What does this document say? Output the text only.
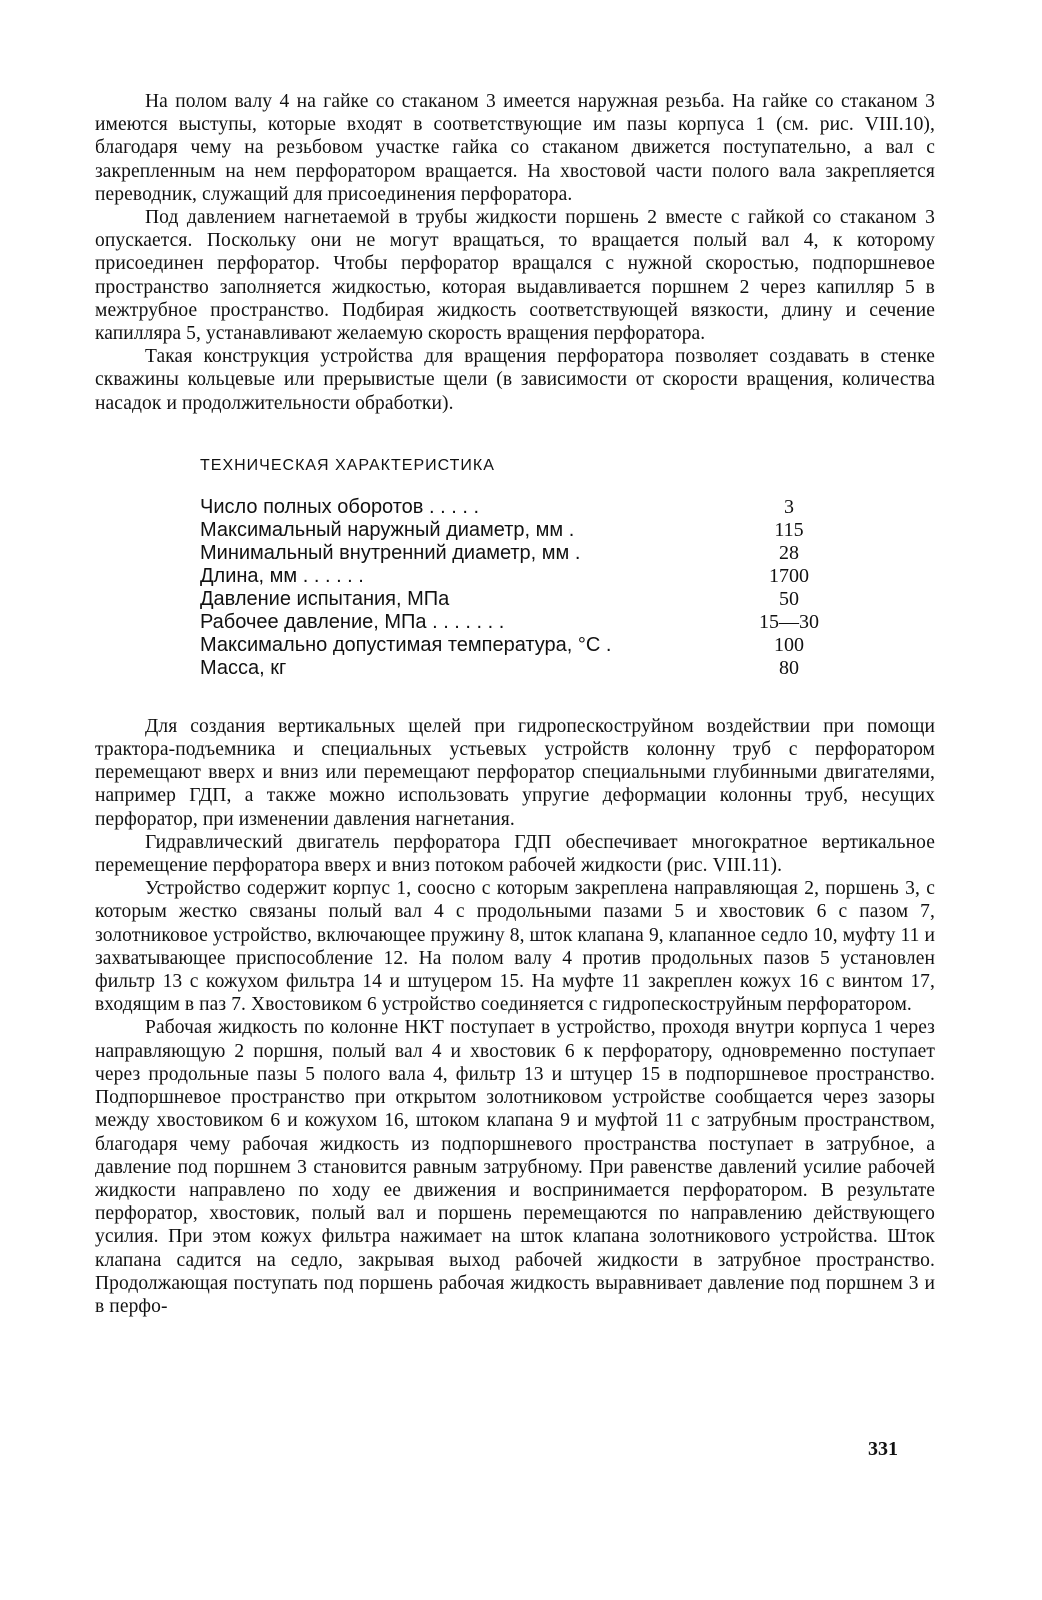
На полом валу 4 на гайке со стаканом 3 имеется наружная резьба. На гайке со стаканом 3 имеются выступы, которые входят в соответствующие им пазы корпуса 1 (см. рис. VIII.10), благодаря чему на резьбовом участке гайка со стаканом движется поступательно, а вал с закрепленным на нем перфоратором вращается. На хвостовой части полого вала закрепляется переводник, служащий для присоединения перфоратора.

Под давлением нагнетаемой в трубы жидкости поршень 2 вместе с гайкой со стаканом 3 опускается. Поскольку они не могут вращаться, то вращается полый вал 4, к которому присоединен перфоратор. Чтобы перфоратор вращался с нужной скоростью, подпоршневое пространство заполняется жидкостью, которая выдавливается поршнем 2 через капилляр 5 в межтрубное пространство. Подбирая жидкость соответствующей вязкости, длину и сечение капилляра 5, устанавливают желаемую скорость вращения перфоратора.

Такая конструкция устройства для вращения перфоратора позволяет создавать в стенке скважины кольцевые или прерывистые щели (в зависимости от скорости вращения, количества насадок и продолжительности обработки).

ТЕХНИЧЕСКАЯ ХАРАКТЕРИСТИКА
Число полных оборотов . . . . .	3
Максимальный наружный диаметр, мм .	115
Минимальный внутренний диаметр, мм .	28
Длина, мм . . . . . .	1700
Давление испытания, МПа	50
Рабочее давление, МПа . . . . . . .	15—30
Максимально допустимая температура, °С .	100
Масса, кг	80

Для создания вертикальных щелей при гидропескоструйном воздействии при помощи трактора-подъемника и специальных устьевых устройств колонну труб с перфоратором перемещают вверх и вниз или перемещают перфоратор специальными глубинными двигателями, например ГДП, а также можно использовать упругие деформации колонны труб, несущих перфоратор, при изменении давления нагнетания.

Гидравлический двигатель перфоратора ГДП обеспечивает многократное вертикальное перемещение перфоратора вверх и вниз потоком рабочей жидкости (рис. VIII.11).

Устройство содержит корпус 1, соосно с которым закреплена направляющая 2, поршень 3, с которым жестко связаны полый вал 4 с продольными пазами 5 и хвостовик 6 с пазом 7, золотниковое устройство, включающее пружину 8, шток клапана 9, клапанное седло 10, муфту 11 и захватывающее приспособление 12. На полом валу 4 против продольных пазов 5 установлен фильтр 13 с кожухом фильтра 14 и штуцером 15. На муфте 11 закреплен кожух 16 с винтом 17, входящим в паз 7. Хвостовиком 6 устройство соединяется с гидропескоструйным перфоратором.

Рабочая жидкость по колонне НКТ поступает в устройство, проходя внутри корпуса 1 через направляющую 2 поршня, полый вал 4 и хвостовик 6 к перфоратору, одновременно поступает через продольные пазы 5 полого вала 4, фильтр 13 и штуцер 15 в подпоршневое пространство. Подпоршневое пространство при открытом золотниковом устройстве сообщается через зазоры между хвостовиком 6 и кожухом 16, штоком клапана 9 и муфтой 11 с затрубным пространством, благодаря чему рабочая жидкость из подпоршневого пространства поступает в затрубное, а давление под поршнем 3 становится равным затрубному. При равенстве давлений усилие рабочей жидкости направлено по ходу ее движения и воспринимается перфоратором. В результате перфоратор, хвостовик, полый вал и поршень перемещаются по направлению действующего усилия. При этом кожух фильтра нажимает на шток клапана золотникового устройства. Шток клапана садится на седло, закрывая выход рабочей жидкости в затрубное пространство. Продолжающая поступать под поршень рабочая жидкость выравнивает давление под поршнем 3 и в перфо-

331
